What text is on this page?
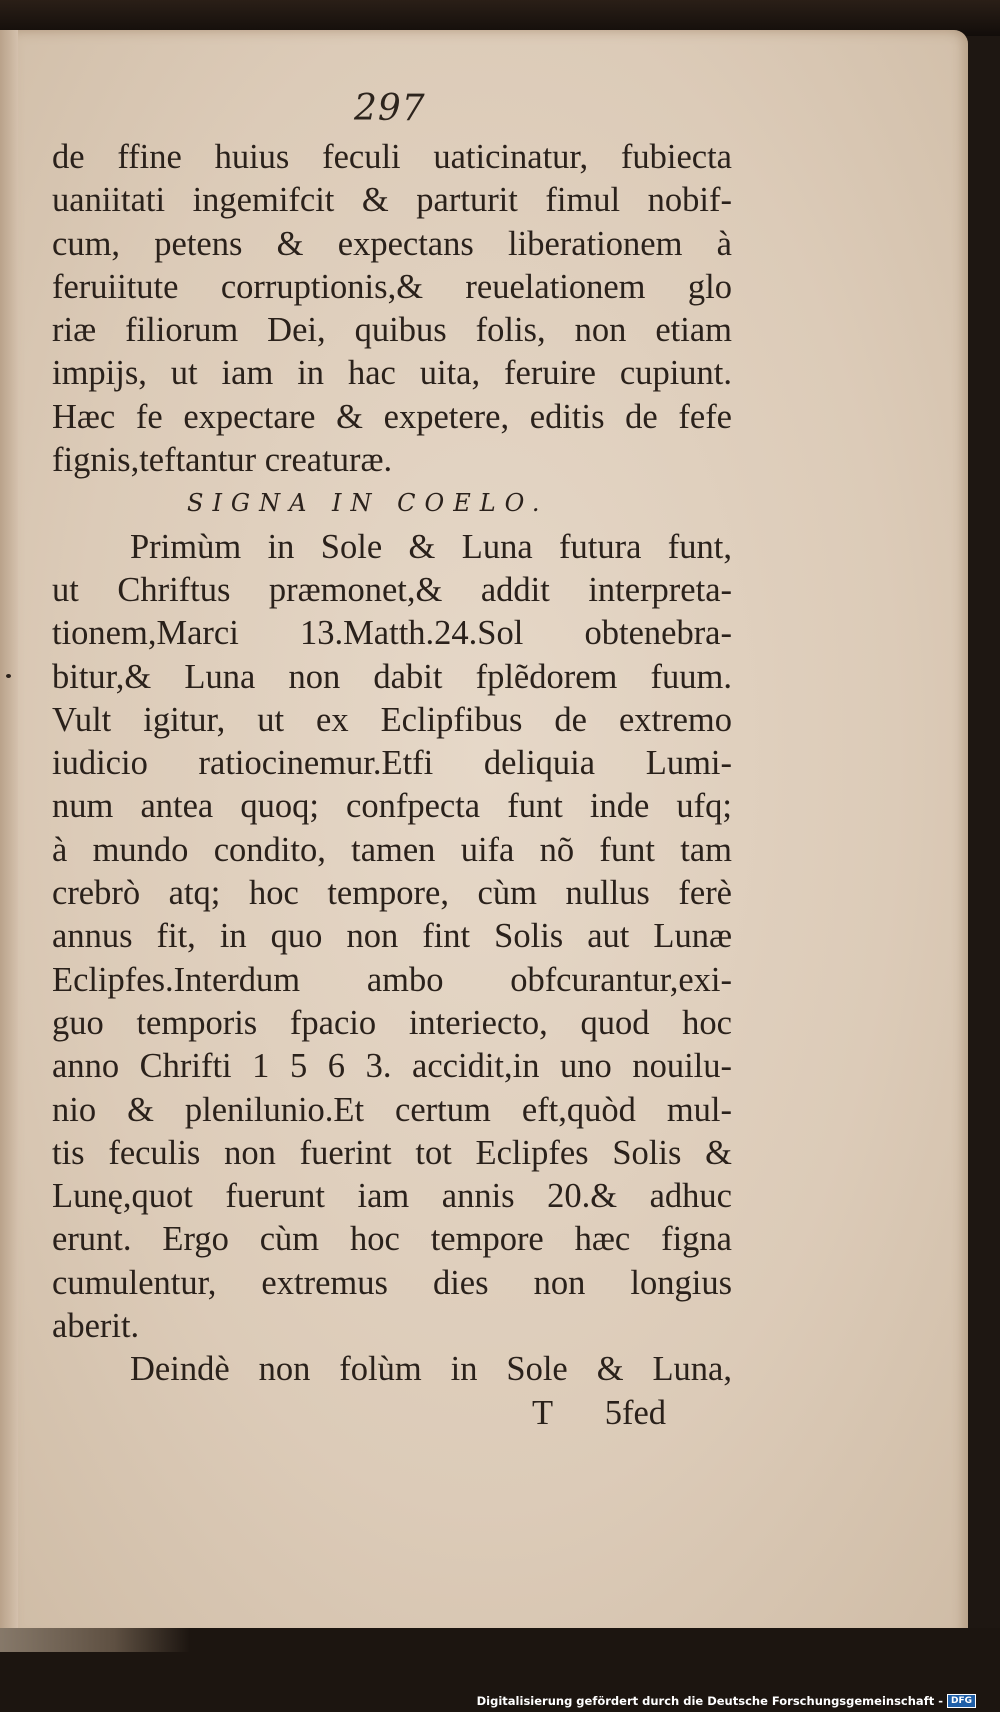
297
de ffine huius feculi uaticinatur, fubiecta
uaniitati ingemifcit & parturit fimul nobif-
cum, petens & expectans liberationem à
feruiitute corruptionis,& reuelationem glo
riæ filiorum Dei, quibus folis, non etiam
impijs, ut iam in hac uita, feruire cupiunt.
Hæc fe expectare & expetere, editis de fefe
fignis,teftantur creaturæ.
SIGNA IN COELO.
Primùm in Sole & Luna futura funt,
ut Chriftus præmonet,& addit interpreta-
tionem,Marci 13.Matth.24.Sol obtenebra-
bitur,& Luna non dabit fplẽdorem fuum.
Vult igitur, ut ex Eclipfibus de extremo
iudicio ratiocinemur.Etfi deliquia Lumi-
num antea quoq; confpecta funt inde ufq;
à mundo condito, tamen uifa nõ funt tam
crebrò atq; hoc tempore, cùm nullus ferè
annus fit, in quo non fint Solis aut Lunæ
Eclipfes.Interdum ambo obfcurantur,exi-
guo temporis fpacio interiecto, quod hoc
anno Chrifti 1 5 6 3. accidit,in uno nouilu-
nio & plenilunio.Et certum eft,quòd mul-
tis feculis non fuerint tot Eclipfes Solis &
Lunę,quot fuerunt iam annis 20.& adhuc
erunt. Ergo cùm hoc tempore hæc figna
cumulentur, extremus dies non longius
aberit.
Deindè non folùm in Sole & Luna,
T 5 fed
Digitalisierung gefördert durch die Deutsche Forschungsgemeinschaft - DFG
